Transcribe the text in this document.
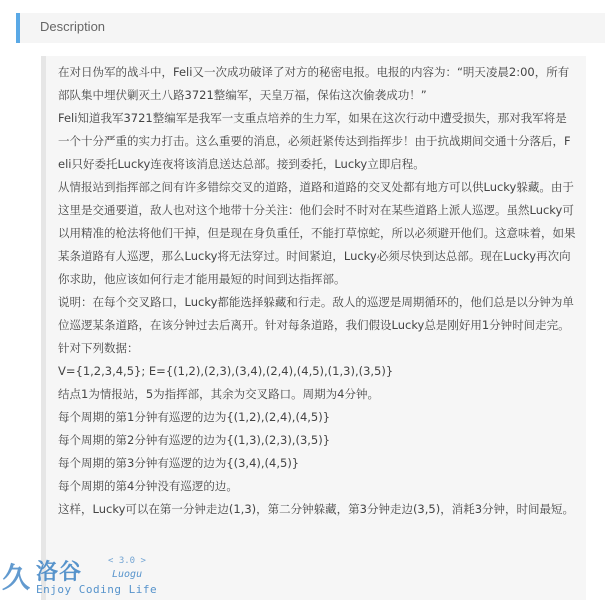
Description

在对日伪军的战斗中，Feli又一次成功破译了对方的秘密电报。电报的内容为：“明天凌晨2:00，所有部队集中埋伏剿灭土八路3721整编军，天皇万福，保佑这次偷袭成功！”

Feli知道我军3721整编军是我军一支重点培养的生力军，如果在这次行动中遭受损失，那对我军将是一个十分严重的实力打击。这么重要的消息，必须赶紧传达到指挥步！由于抗战期间交通十分落后，Feli只好委托Lucky连夜将该消息送达总部。接到委托，Lucky立即启程。

从情报站到指挥部之间有许多错综交叉的道路，道路和道路的交叉处都有地方可以供Lucky躲藏。由于这里是交通要道，敌人也对这个地带十分关注：他们会时不时对在某些道路上派人巡逻。虽然Lucky可以用精准的枪法将他们干掉，但是现在身负重任，不能打草惊蛇，所以必须避开他们。这意味着，如果某条道路有人巡逻，那么Lucky将无法穿过。时间紧迫，Lucky必须尽快到达总部。现在Lucky再次向你求助，他应该如何行走才能用最短的时间到达指挥部。

说明：在每个交叉路口，Lucky都能选择躲藏和行走。敌人的巡逻是周期循环的，他们总是以分钟为单位巡逻某条道路，在该分钟过去后离开。针对每条道路，我们假设Lucky总是刚好用1分钟时间走完。

针对下列数据：

V={1,2,3,4,5}; E={(1,2),(2,3),(3,4),(2,4),(4,5),(1,3),(3,5)}

结点1为情报站，5为指挥部，其余为交叉路口。周期为4分钟。

每个周期的第1分钟有巡逻的边为{(1,2),(2,4),(4,5)}

每个周期的第2分钟有巡逻的边为{(1,3),(2,3),(3,5)}

每个周期的第3分钟有巡逻的边为{(3,4),(4,5)}

每个周期的第4分钟没有巡逻的边。

这样，Lucky可以在第一分钟走边(1,3)，第二分钟躲藏，第3分钟走边(3,5)，消耗3分钟，时间最短。

久 洛谷	< 3.0 >
Luogu
Enjoy Coding Life
